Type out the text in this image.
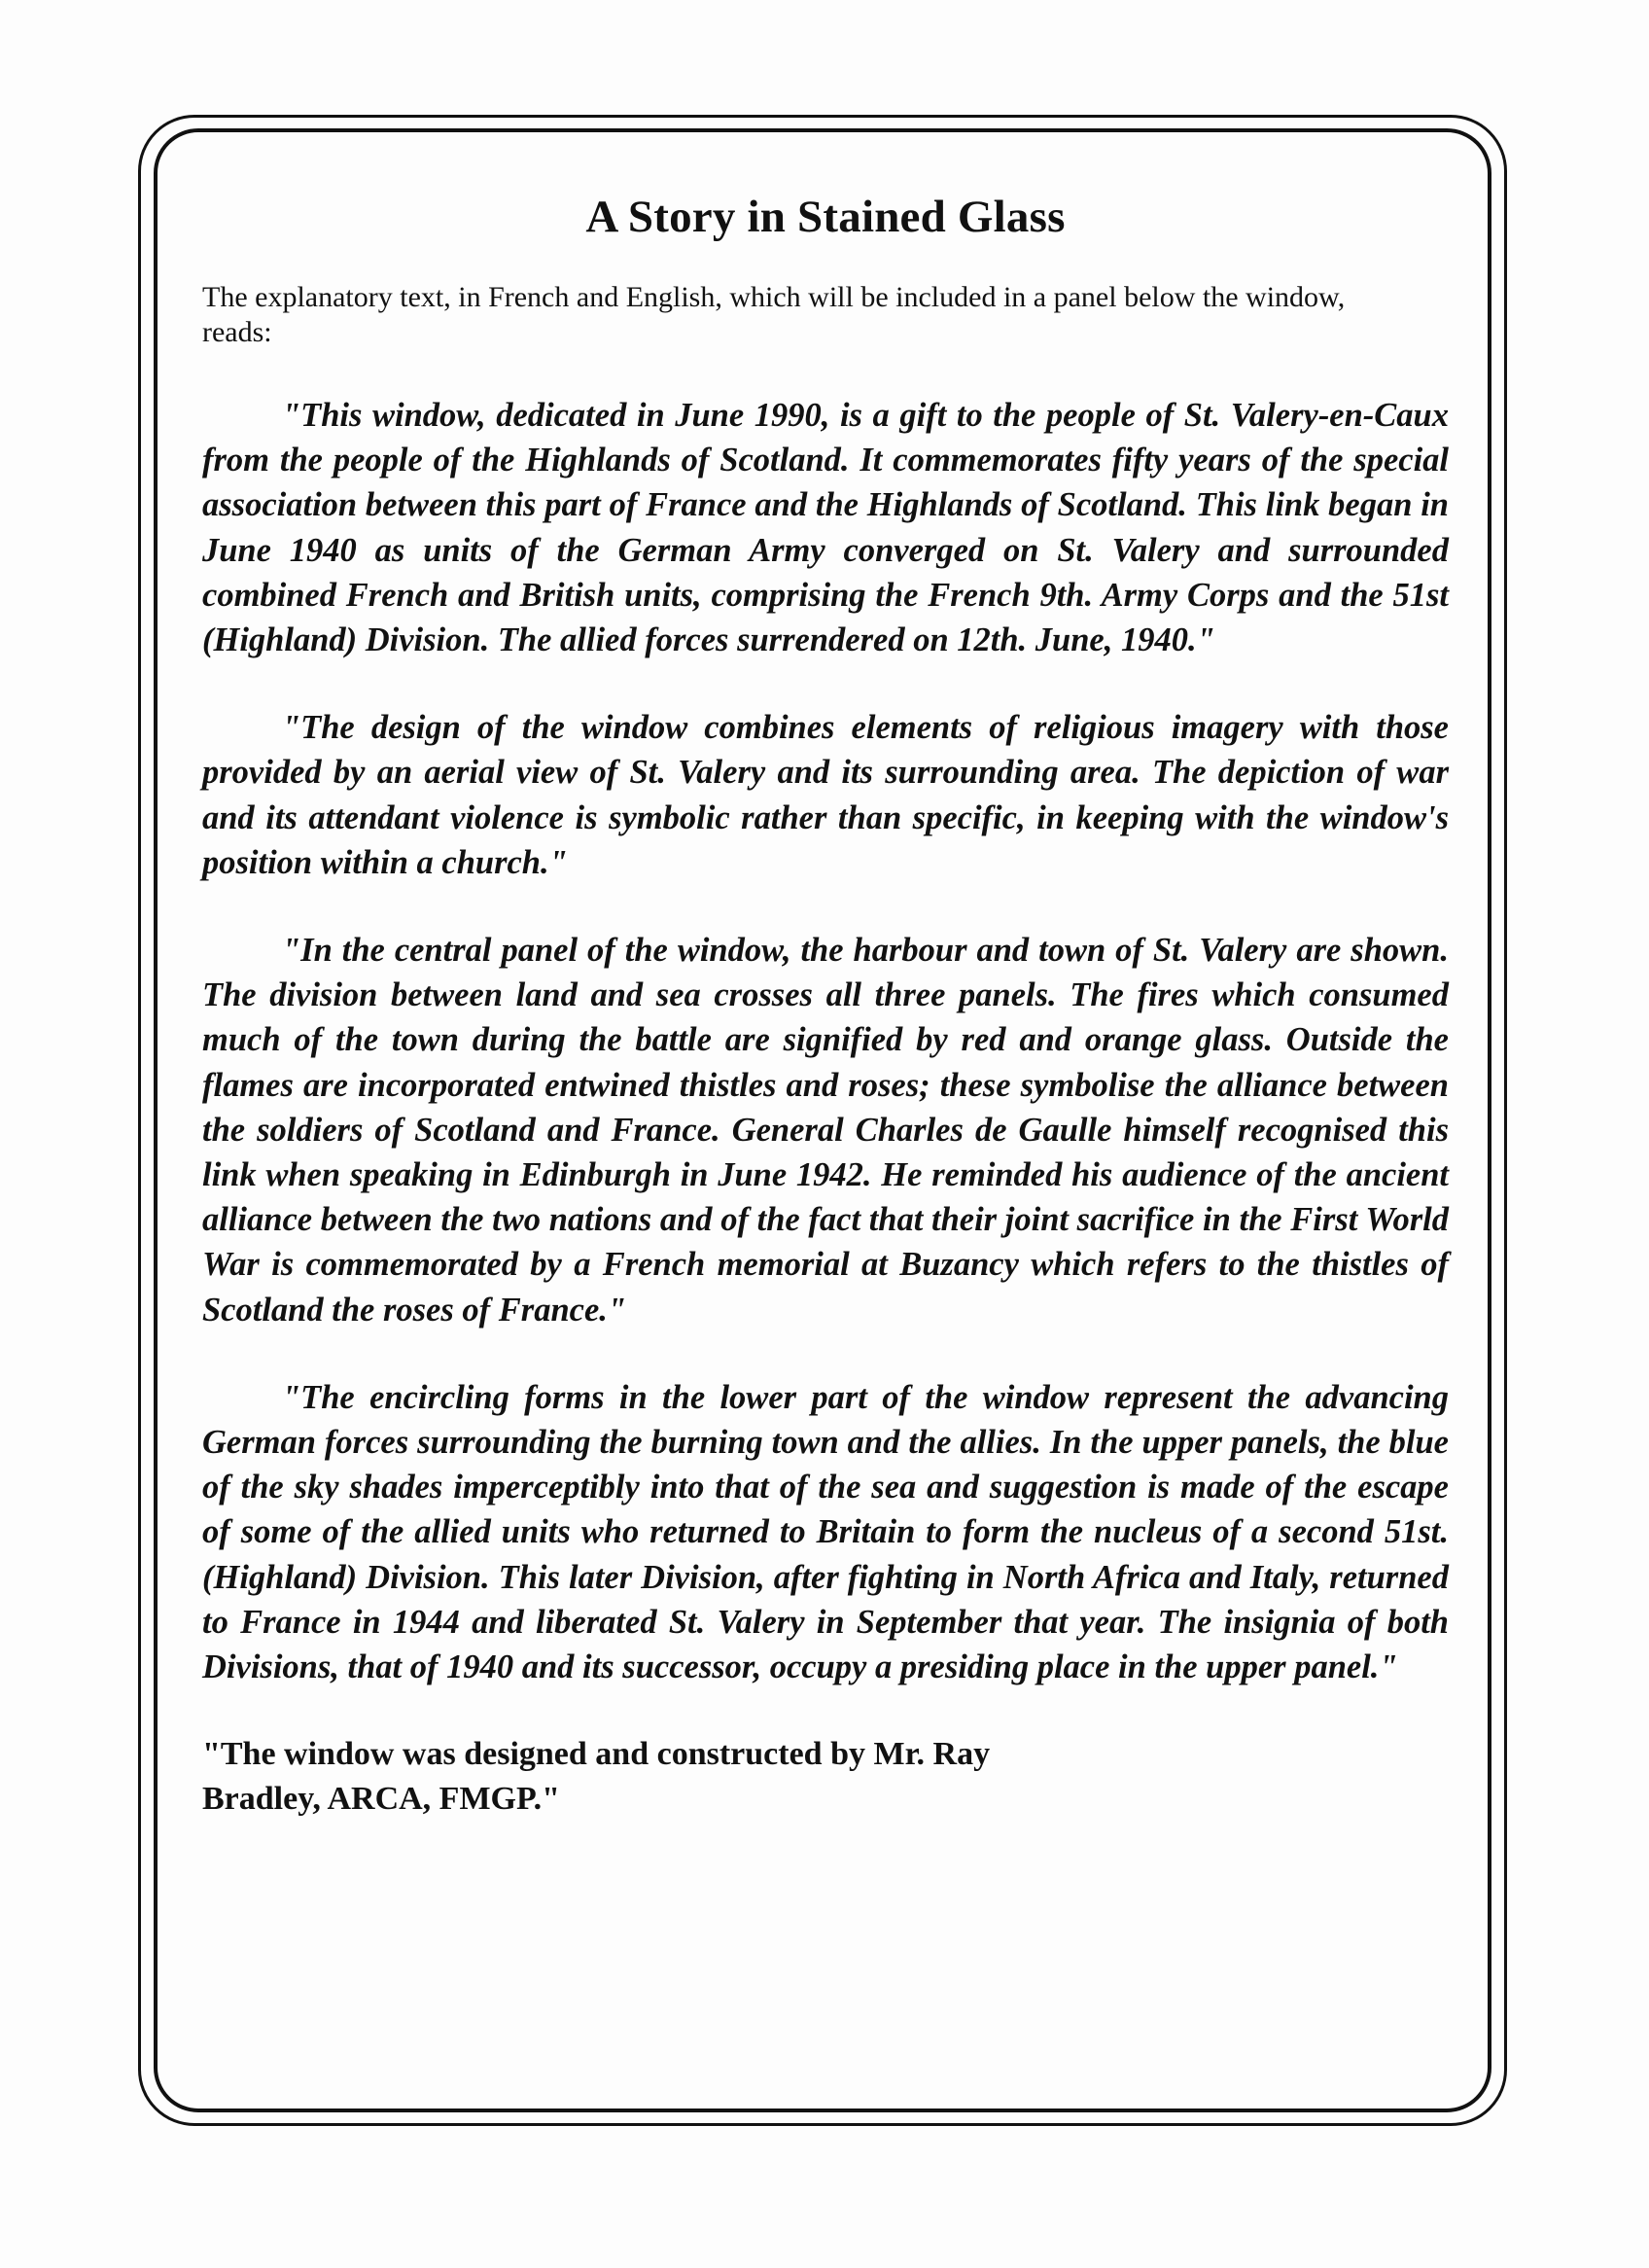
A Story in Stained Glass

The explanatory text, in French and English, which will be included in a panel below the window, reads:

"This window, dedicated in June 1990, is a gift to the people of St. Valery-en-Caux from the people of the Highlands of Scotland. It commemorates fifty years of the special association between this part of France and the Highlands of Scotland. This link began in June 1940 as units of the German Army converged on St. Valery and surrounded combined French and British units, comprising the French 9th. Army Corps and the 51st (Highland) Division. The allied forces surrendered on 12th. June, 1940."

"The design of the window combines elements of religious imagery with those provided by an aerial view of St. Valery and its surrounding area. The depiction of war and its attendant violence is symbolic rather than specific, in keeping with the window's position within a church."

"In the central panel of the window, the harbour and town of St. Valery are shown. The division between land and sea crosses all three panels. The fires which consumed much of the town during the battle are signified by red and orange glass. Outside the flames are incorporated entwined thistles and roses; these symbolise the alliance between the soldiers of Scotland and France. General Charles de Gaulle himself recognised this link when speaking in Edinburgh in June 1942. He reminded his audience of the ancient alliance between the two nations and of the fact that their joint sacrifice in the First World War is commemorated by a French memorial at Buzancy which refers to the thistles of Scotland the roses of France."

"The encircling forms in the lower part of the window represent the advancing German forces surrounding the burning town and the allies. In the upper panels, the blue of the sky shades imperceptibly into that of the sea and suggestion is made of the escape of some of the allied units who returned to Britain to form the nucleus of a second 51st. (Highland) Division. This later Division, after fighting in North Africa and Italy, returned to France in 1944 and liberated St. Valery in September that year. The insignia of both Divisions, that of 1940 and its successor, occupy a presiding place in the upper panel."

"The window was designed and constructed by Mr. Ray Bradley, ARCA, FMGP."
